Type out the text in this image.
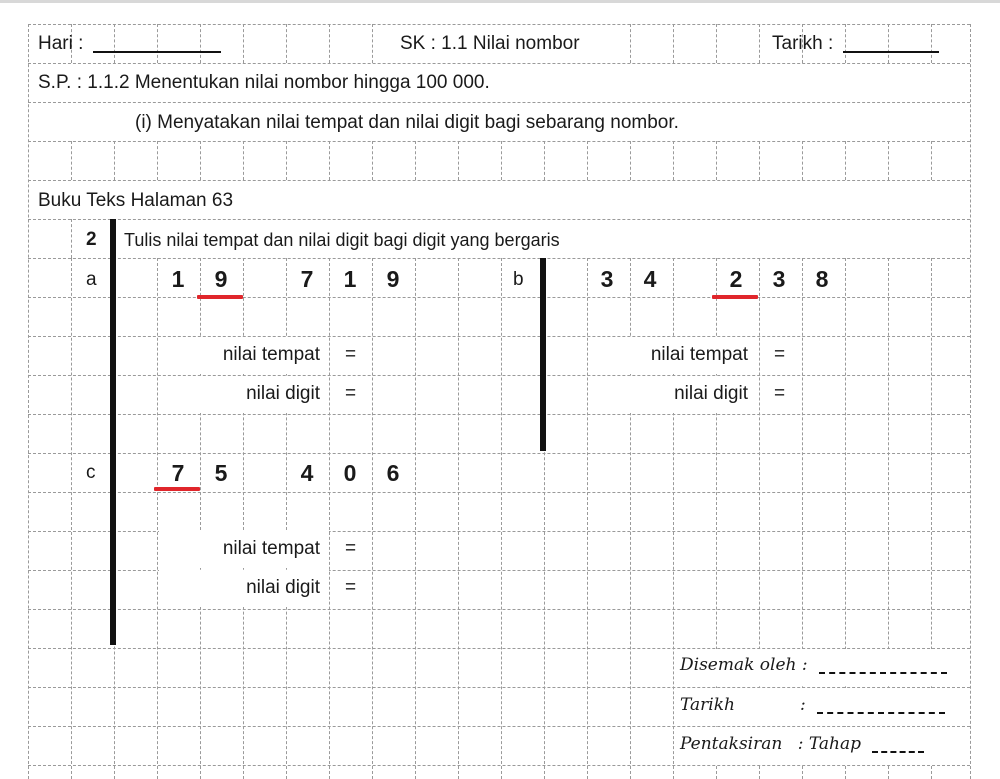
Hari :	SK : 1.1 Nilai nombor	Tarikh :
S.P. : 1.1.2 Menentukan nilai nombor hingga 100 000.
(i) Menyatakan nilai tempat dan nilai digit bagi sebarang nombor.
Buku Teks Halaman 63
2 Tulis nilai tempat dan nilai digit bagi digit yang bergaris
a	1	9	7	1	9
nilai tempat =
nilai digit =
b	3	4	2	3	8
nilai tempat =
nilai digit =
c	7	5	4	0	6
nilai tempat =
nilai digit =
Disemak oleh :
Tarikh	:
Pentaksiran : Tahap
